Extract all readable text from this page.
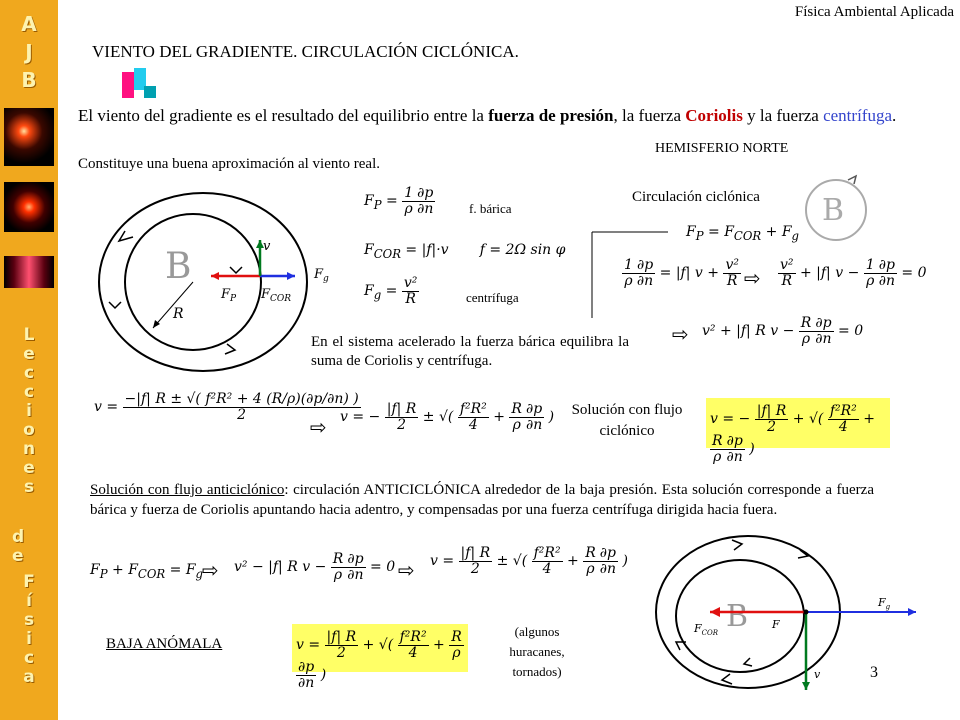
A
J
B
L
e
c
c
i
o
n
e
s
d
e
F
í
s
i
c
a
Física Ambiental Aplicada
VIENTO DEL GRADIENTE. CIRCULACIÓN CICLÓNICA.
El viento del gradiente es el resultado del equilibrio entre la fuerza de presión, la fuerza Coriolis y la fuerza centrífuga.
Constituye una buena aproximación al viento real.
HEMISFERIO NORTE
Circulación ciclónica B
B
R
v
$F_g$
$F_P$ $F_{COR}$
$F_P = \frac{1}{\rho} \frac{\partial p}{\partial n}$	f. bárica
$F_{COR} = |f|\cdot v$       f = 2Ω sin φ
$F_g = \frac{\text{v²}}{R}$	centrífuga
$F_P = F_{COR} + F_g$
$\frac{1}{\rho} \frac{\partial p}{\partial n} = |f|$ $v + \frac{\text{v²}}{R}$ ⇨ $\frac{\text{v²}}{R} + |f|$ $v - \frac{1}{\rho} \frac{\partial p}{\partial n} = 0$
⇨ v² + |f| R $v - \frac{R}{\rho} \frac{\partial p}{\partial n} = 0$
En el sistema acelerado la fuerza bárica equilibra la suma de Coriolis y centrífuga.
$v = \frac{\text{−|f| R ± √( f²R² + 4 (R/ρ)(∂p/∂n) )}}{2}$
⇨ v = − $\frac{|f| R}{2}$ ± √( $\frac{\text{f²R²}}{4} + \frac{R}{\rho} \frac{\partial p}{\partial n}$ ) Solución con flujo ciclónico
v = − $\frac{|f| R}{2}$ + √( $\frac{\text{f²R²}}{4}$ +
$\frac{R}{\rho} \frac{\partial p}{\partial n}$ )
Solución con flujo anticiclónico: circulación ANTICICLÓNICA alrededor de la baja presión. Esta solución corresponde a fuerza bárica y fuerza de Coriolis apuntando hacia adentro, y compensadas por una fuerza centrífuga dirigida hacia fuera.
$F_P + F_{COR} = F_g$
⇨ v² − |f| R $v - \frac{R}{\rho} \frac{\partial p}{\partial n} = 0$ ⇨ $v = \frac{|f| R}{2}$ ± √( $\frac{\text{f²R²}}{4} + \frac{R}{\rho} \frac{\partial p}{\partial n}$ )
BAJA ANÓMALA	$v = \frac{|f| R}{2}$ + √( $\frac{\text{f²R²}}{4} + \frac{R}{\rho}$
$\frac{\partial p}{\partial n}$ )
(algunos huracanes, tornados)
B	$F_g$
$F_{COR}$
F
v	3
